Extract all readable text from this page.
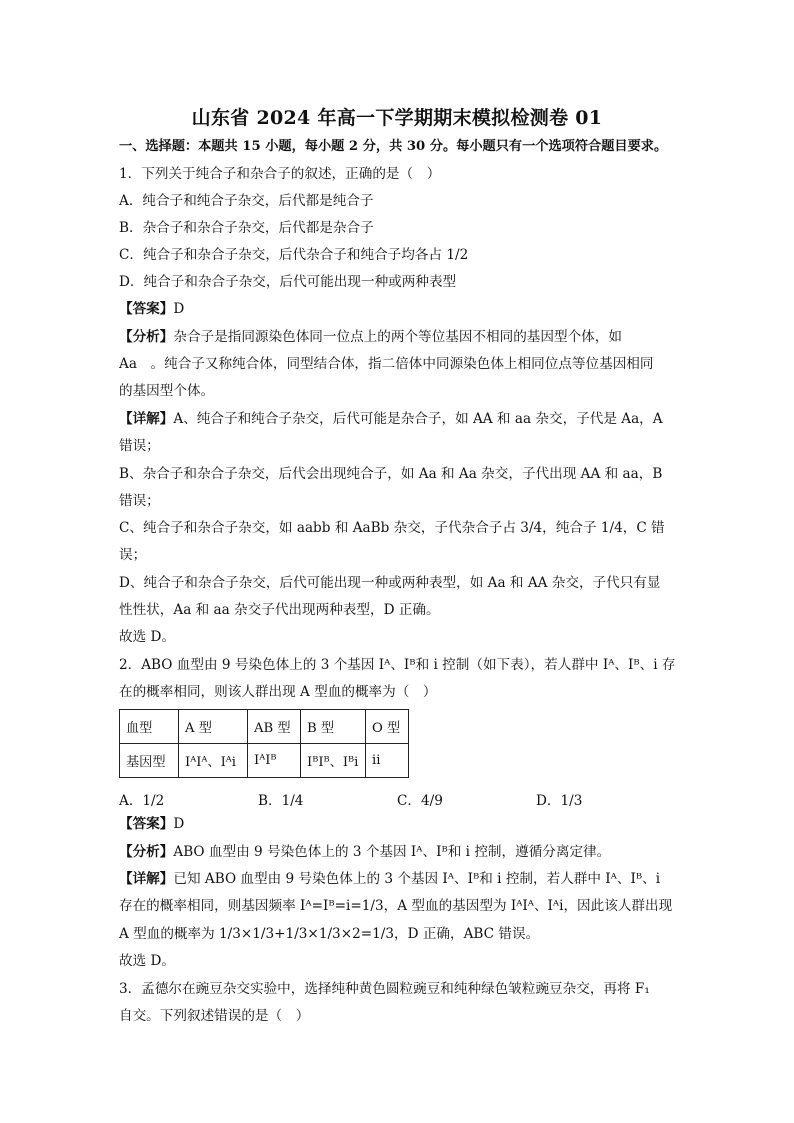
山东省 2024 年高一下学期期末模拟检测卷 01
一、选择题：本题共 15 小题，每小题 2 分，共 30 分。每小题只有一个选项符合题目要求。
1．下列关于纯合子和杂合子的叙述，正确的是（　）
A．纯合子和纯合子杂交，后代都是纯合子
B．杂合子和杂合子杂交，后代都是杂合子
C．纯合子和杂合子杂交，后代杂合子和纯合子均各占 1/2
D．纯合子和杂合子杂交，后代可能出现一种或两种表型
【答案】D
【分析】杂合子是指同源染色体同一位点上的两个等位基因不相同的基因型个体，如
Aa　。纯合子又称纯合体，同型结合体，指二倍体中同源染色体上相同位点等位基因相同
的基因型个体。
【详解】A、纯合子和纯合子杂交，后代可能是杂合子，如 AA 和 aa 杂交，子代是 Aa，A
错误；
B、杂合子和杂合子杂交，后代会出现纯合子，如 Aa 和 Aa 杂交，子代出现 AA 和 aa，B
错误；
C、纯合子和杂合子杂交，如 aabb 和 AaBb 杂交，子代杂合子占 3/4，纯合子 1/4，C 错
误；
D、纯合子和杂合子杂交，后代可能出现一种或两种表型，如 Aa 和 AA 杂交，子代只有显
性性状，Aa 和 aa 杂交子代出现两种表型，D 正确。
故选 D。
2．ABO 血型由 9 号染色体上的 3 个基因 Iᴬ、Iᴮ和 i 控制（如下表），若人群中 Iᴬ、Iᴮ、i 存
在的概率相同，则该人群出现 A 型血的概率为（　）
血型	A 型	AB 型	B 型	O 型
基因型	IᴬIᴬ、Iᴬi	IᴬIᴮ	IᴮIᴮ、Iᴮi	ii
A．1/2	B．1/4	C．4/9	D．1/3
【答案】D
【分析】ABO 血型由 9 号染色体上的 3 个基因 Iᴬ、Iᴮ和 i 控制，遵循分离定律。
【详解】已知 ABO 血型由 9 号染色体上的 3 个基因 Iᴬ、Iᴮ和 i 控制，若人群中 Iᴬ、Iᴮ、i
存在的概率相同，则基因频率 Iᴬ=Iᴮ=i=1/3，A 型血的基因型为 IᴬIᴬ、Iᴬi，因此该人群出现
A 型血的概率为 1/3×1/3+1/3×1/3×2=1/3，D 正确，ABC 错误。
故选 D。
3．孟德尔在豌豆杂交实验中，选择纯种黄色圆粒豌豆和纯种绿色皱粒豌豆杂交，再将 F₁
自交。下列叙述错误的是（　）
